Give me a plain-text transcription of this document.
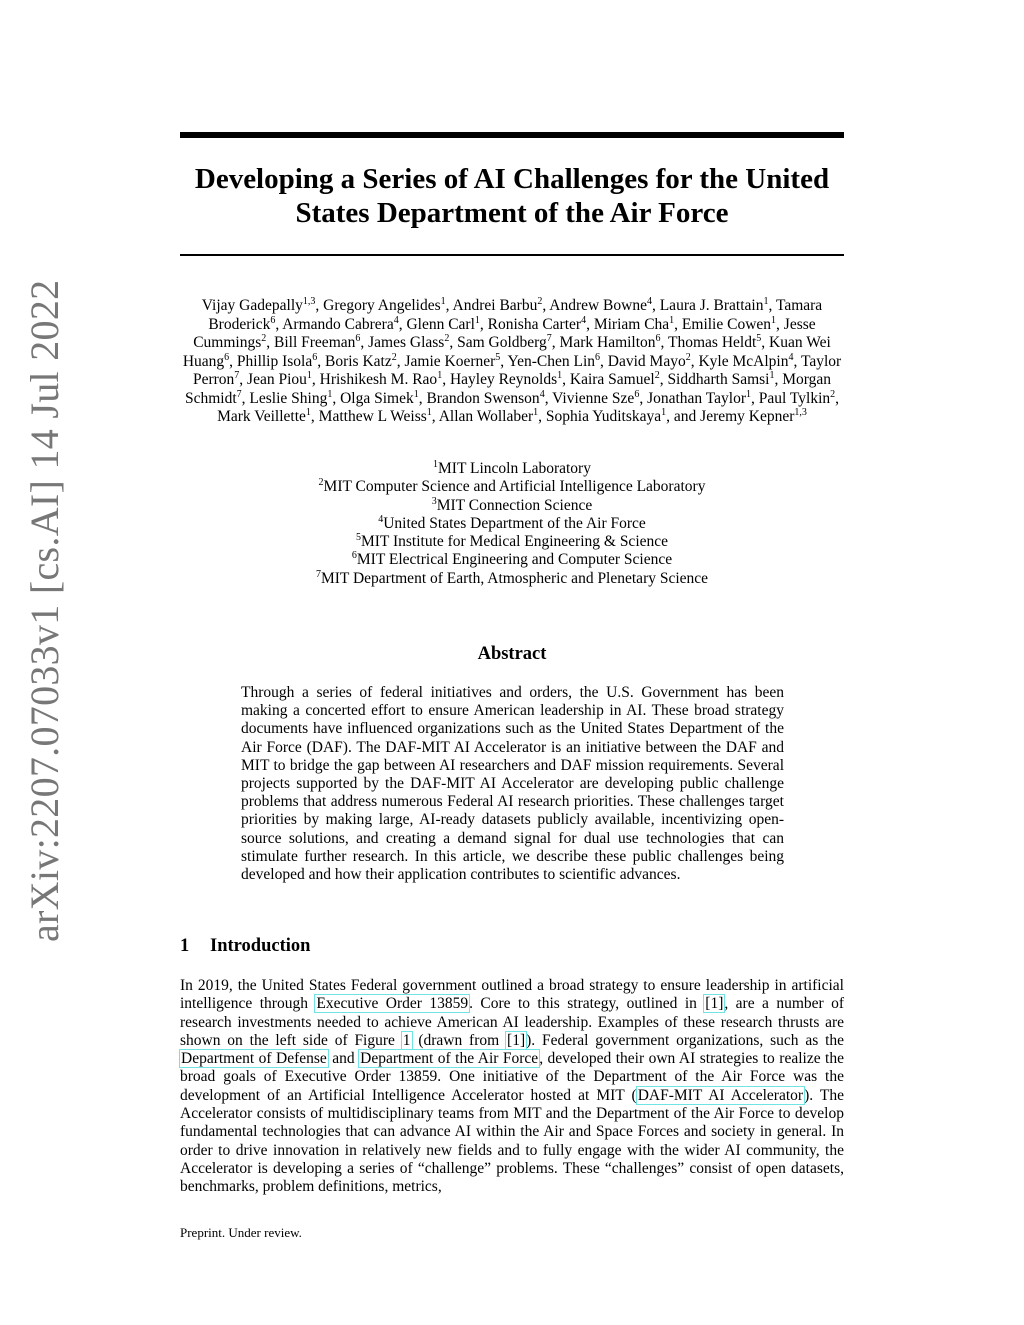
arXiv:2207.07033v1 [cs.AI] 14 Jul 2022
Developing a Series of AI Challenges for the United
States Department of the Air Force
Vijay Gadepally$^{1,3}$, Gregory Angelides$^1$, Andrei Barbu$^2$, Andrew Bowne$^4$, Laura J. Brattain$^1$, Tamara Broderick$^6$, Armando Cabrera$^4$, Glenn Carl$^1$, Ronisha Carter$^4$, Miriam Cha$^1$, Emilie Cowen$^1$, Jesse Cummings$^2$, Bill Freeman$^6$, James Glass$^2$, Sam Goldberg$^7$, Mark Hamilton$^6$, Thomas Heldt$^5$, Kuan Wei Huang$^6$, Phillip Isola$^6$, Boris Katz$^2$, Jamie Koerner$^5$, Yen-Chen Lin$^6$, David Mayo$^2$, Kyle McAlpin$^4$, Taylor Perron$^7$, Jean Piou$^1$, Hrishikesh M. Rao$^1$, Hayley Reynolds$^1$, Kaira Samuel$^2$, Siddharth Samsi$^1$, Morgan Schmidt$^7$, Leslie Shing$^1$, Olga Simek$^1$, Brandon Swenson$^4$, Vivienne Sze$^6$, Jonathan Taylor$^1$, Paul Tylkin$^2$, Mark Veillette$^1$, Matthew L Weiss$^1$, Allan Wollaber$^1$, Sophia Yuditskaya$^1$, and Jeremy Kepner$^{1,3}$
$^1$MIT Lincoln Laboratory
$^2$MIT Computer Science and Artificial Intelligence Laboratory
$^3$MIT Connection Science
$^4$United States Department of the Air Force
$^5$MIT Institute for Medical Engineering & Science
$^6$MIT Electrical Engineering and Computer Science
$^7$MIT Department of Earth, Atmospheric and Plenetary Science
Abstract
Through a series of federal initiatives and orders, the U.S. Government has been making a concerted effort to ensure American leadership in AI. These broad strategy documents have influenced organizations such as the United States Department of the Air Force (DAF). The DAF-MIT AI Accelerator is an initiative between the DAF and MIT to bridge the gap between AI researchers and DAF mission requirements. Several projects supported by the DAF-MIT AI Accelerator are developing public challenge problems that address numerous Federal AI research priorities. These challenges target priorities by making large, AI-ready datasets publicly available, incentivizing open-source solutions, and creating a demand signal for dual use technologies that can stimulate further research. In this article, we describe these public challenges being developed and how their application contributes to scientific advances.
1 Introduction
In 2019, the United States Federal government outlined a broad strategy to ensure leadership in artificial intelligence through Executive Order 13859. Core to this strategy, outlined in [1], are a number of research investments needed to achieve American AI leadership. Examples of these research thrusts are shown on the left side of Figure 1 (drawn from [1]). Federal government organizations, such as the Department of Defense and Department of the Air Force, developed their own AI strategies to realize the broad goals of Executive Order 13859. One initiative of the Department of the Air Force was the development of an Artificial Intelligence Accelerator hosted at MIT (DAF-MIT AI Accelerator). The Accelerator consists of multidisciplinary teams from MIT and the Department of the Air Force to develop fundamental technologies that can advance AI within the Air and Space Forces and society in general. In order to drive innovation in relatively new fields and to fully engage with the wider AI community, the Accelerator is developing a series of “challenge” problems. These “challenges” consist of open datasets, benchmarks, problem definitions, metrics,
Preprint. Under review.
